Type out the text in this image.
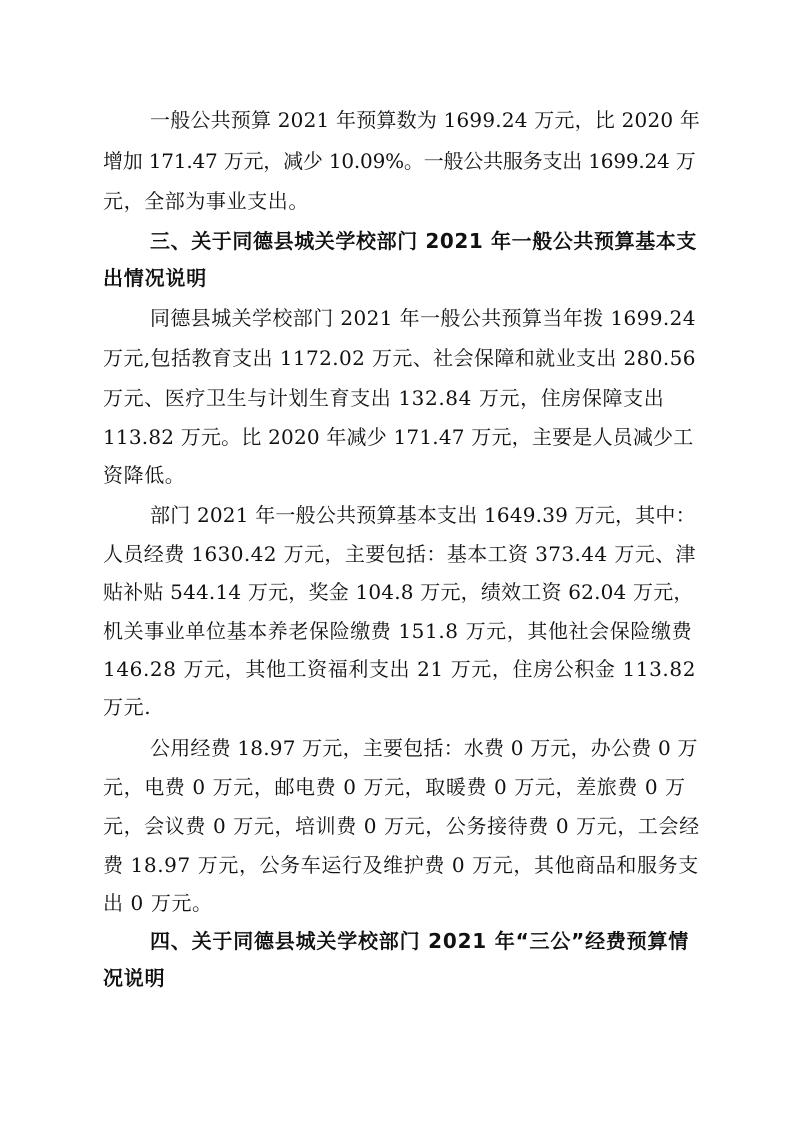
一般公共预算 2021 年预算数为 1699.24 万元，比 2020 年
增加 171.47 万元，减少 10.09%。一般公共服务支出 1699.24 万
元，全部为事业支出。
三、关于同德县城关学校部门 2021 年一般公共预算基本支
出情况说明
同德县城关学校部门 2021 年一般公共预算当年拨 1699.24
万元,包括教育支出 1172.02 万元、社会保障和就业支出 280.56
万元、医疗卫生与计划生育支出 132.84 万元，住房保障支出
113.82 万元。比 2020 年减少 171.47 万元，主要是人员减少工
资降低。
部门 2021 年一般公共预算基本支出 1649.39 万元，其中：
人员经费 1630.42 万元，主要包括：基本工资 373.44 万元、津
贴补贴 544.14 万元，奖金 104.8 万元，绩效工资 62.04 万元，
机关事业单位基本养老保险缴费 151.8 万元，其他社会保险缴费
146.28 万元，其他工资福利支出 21 万元，住房公积金 113.82
万元.
公用经费 18.97 万元，主要包括：水费 0 万元，办公费 0 万
元，电费 0 万元，邮电费 0 万元，取暖费 0 万元，差旅费 0 万
元，会议费 0 万元，培训费 0 万元，公务接待费 0 万元，工会经
费 18.97 万元，公务车运行及维护费 0 万元，其他商品和服务支
出 0 万元。
四、关于同德县城关学校部门 2021 年“三公”经费预算情
况说明
